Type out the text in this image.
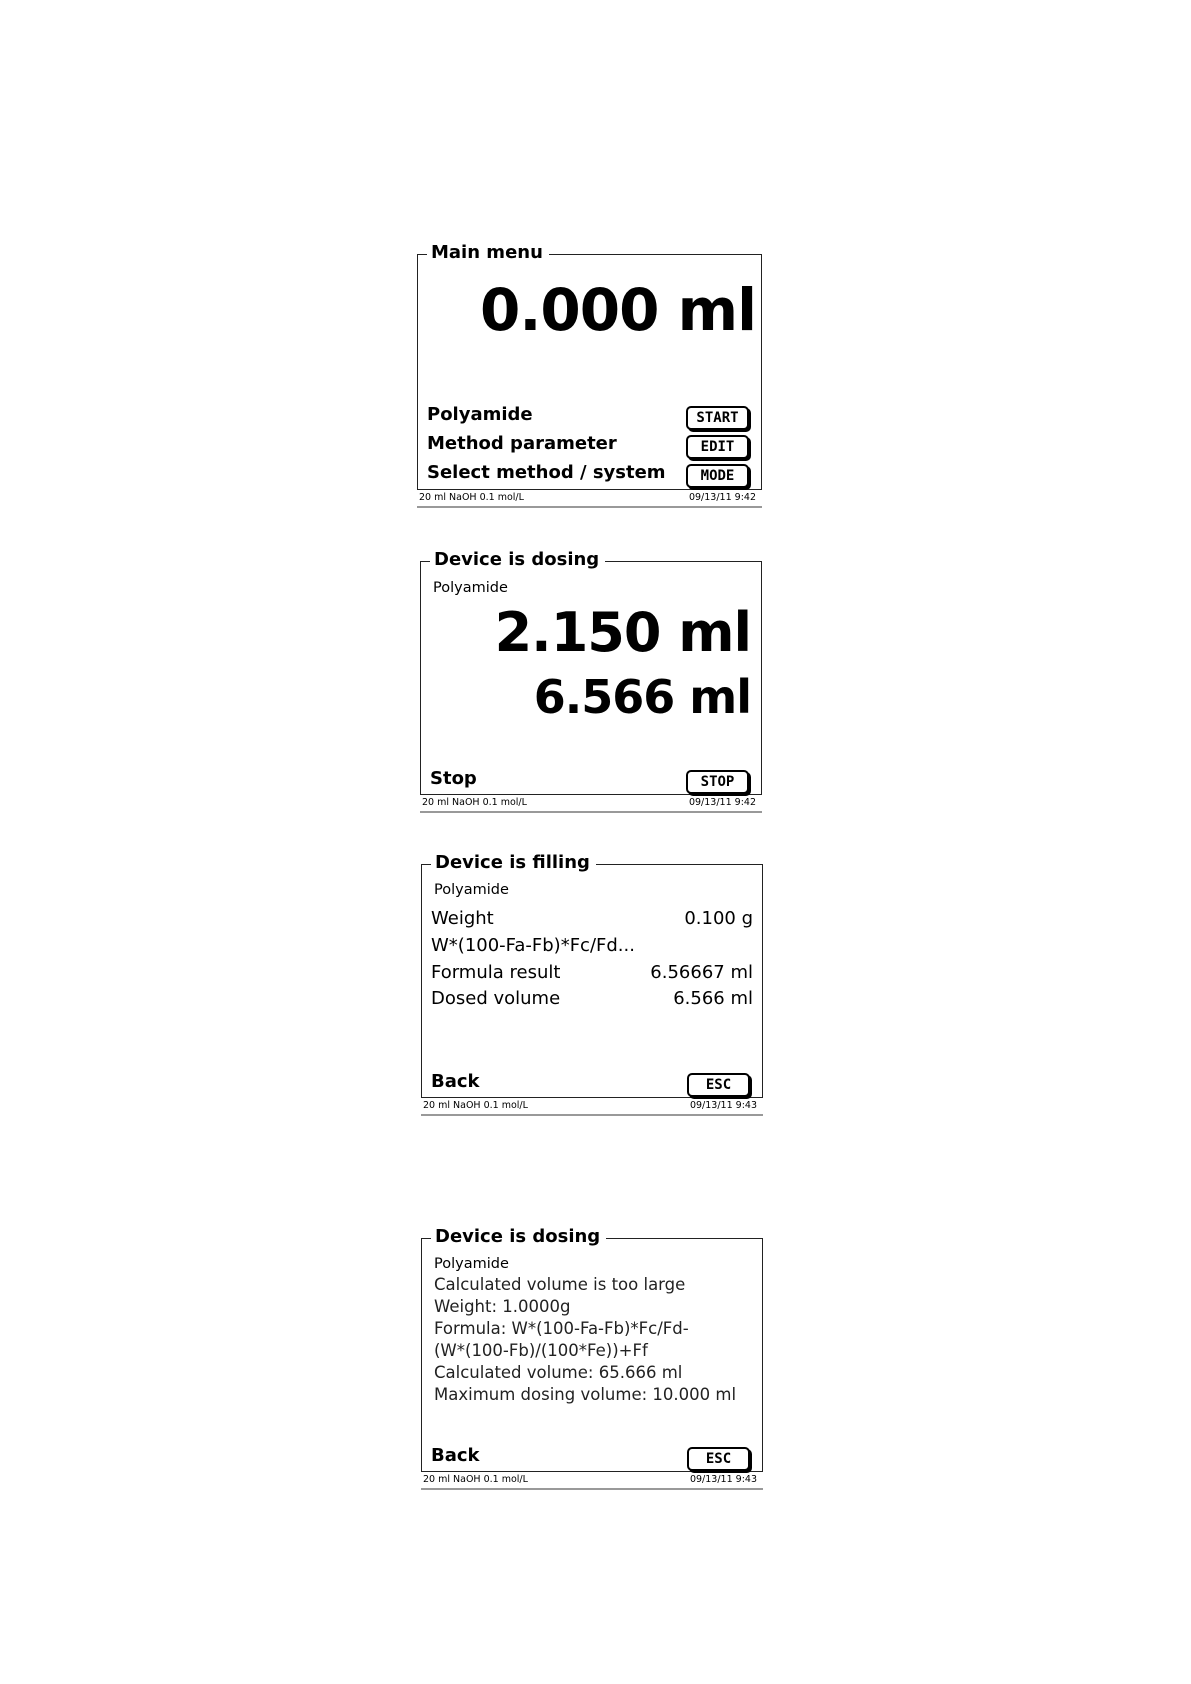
Main menu
0.000 ml
Polyamide	START
Method parameter	EDIT
Select method / system	MODE
20 ml NaOH 0.1 mol/L	09/13/11 9:42
Device is dosing
Polyamide
2.150 ml
6.566 ml
Stop	STOP
20 ml NaOH 0.1 mol/L	09/13/11 9:42
Device is filling
Polyamide
Weight	0.100 g
W*(100-Fa-Fb)*Fc/Fd...
Formula result	6.56667 ml
Dosed volume	6.566 ml
Back	ESC
20 ml NaOH 0.1 mol/L	09/13/11 9:43
Device is dosing
Polyamide
Calculated volume is too large
Weight: 1.0000g
Formula: W*(100-Fa-Fb)*Fc/Fd-
(W*(100-Fb)/(100*Fe))+Ff
Calculated volume: 65.666 ml
Maximum dosing volume: 10.000 ml
Back	ESC
20 ml NaOH 0.1 mol/L	09/13/11 9:43
